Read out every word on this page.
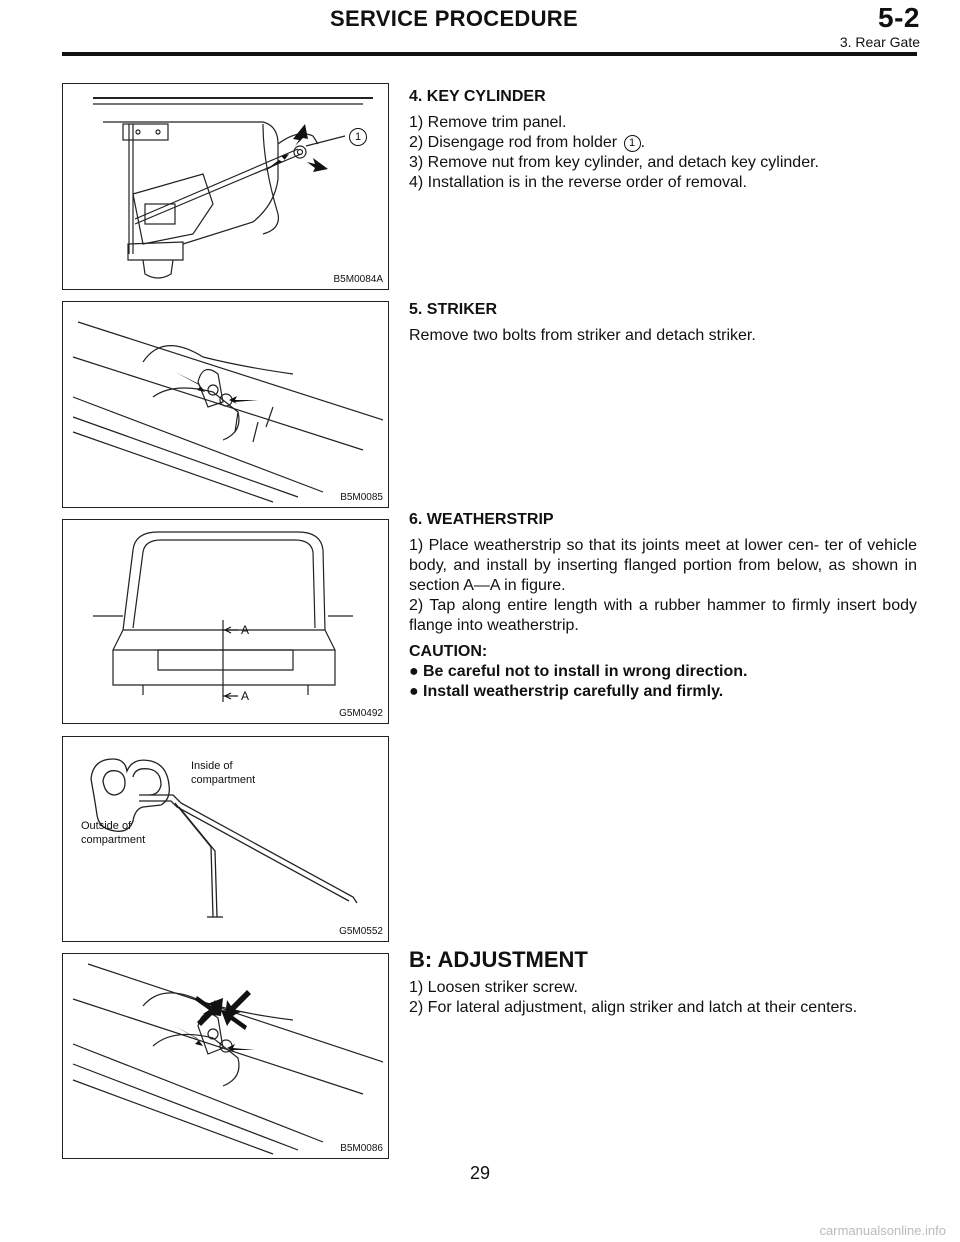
SERVICE PROCEDURE	5-2
3. Rear Gate
1
B5M0084A
B5M0085
A
A
G5M0492
Inside of
compartment
Outside of
compartment
G5M0552
B5M0086
4. KEY CYLINDER

1) Remove trim panel.

2) Disengage rod from holder 1 .

3) Remove nut from key cylinder, and detach key cylinder.

4) Installation is in the reverse order of removal.

5. STRIKER

Remove two bolts from striker and detach striker.

6. WEATHERSTRIP

1) Place weatherstrip so that its joints meet at lower cen- ter of vehicle body, and install by inserting flanged portion from below, as shown in section A—A in figure.

2) Tap along entire length with a rubber hammer to firmly insert body flange into weatherstrip.

CAUTION:
● Be careful not to install in wrong direction.
● Install weatherstrip carefully and firmly.
B: ADJUSTMENT

1) Loosen striker screw.

2) For lateral adjustment, align striker and latch at their centers.

29
carmanualsonline.info
